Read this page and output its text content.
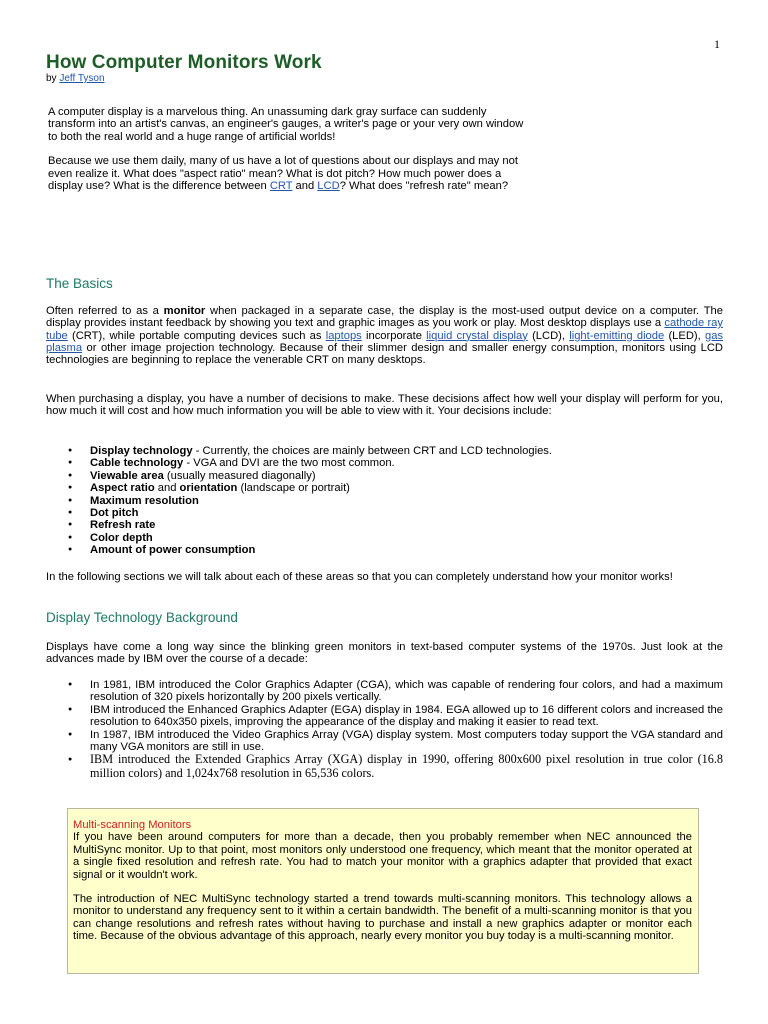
1
How Computer Monitors Work
by Jeff Tyson

A computer display is a marvelous thing. An unassuming dark gray surface can suddenly transform into an artist's canvas, an engineer's gauges, a writer's page or your very own window to both the real world and a huge range of artificial worlds!

Because we use them daily, many of us have a lot of questions about our displays and may not even realize it. What does "aspect ratio" mean? What is dot pitch? How much power does a display use? What is the difference between CRT and LCD? What does "refresh rate" mean?

The Basics

Often referred to as a monitor when packaged in a separate case, the display is the most-used output device on a computer. The display provides instant feedback by showing you text and graphic images as you work or play. Most desktop displays use a cathode ray tube (CRT), while portable computing devices such as laptops incorporate liquid crystal display (LCD), light-emitting diode (LED), gas plasma or other image projection technology. Because of their slimmer design and smaller energy consumption, monitors using LCD technologies are beginning to replace the venerable CRT on many desktops.

When purchasing a display, you have a number of decisions to make. These decisions affect how well your display will perform for you, how much it will cost and how much information you will be able to view with it. Your decisions include:

● Display technology - Currently, the choices are mainly between CRT and LCD technologies.
● Cable technology - VGA and DVI are the two most common.
● Viewable area (usually measured diagonally)
● Aspect ratio and orientation (landscape or portrait)
● Maximum resolution
● Dot pitch
● Refresh rate
● Color depth
● Amount of power consumption

In the following sections we will talk about each of these areas so that you can completely understand how your monitor works!

Display Technology Background

Displays have come a long way since the blinking green monitors in text-based computer systems of the 1970s. Just look at the advances made by IBM over the course of a decade:

● In 1981, IBM introduced the Color Graphics Adapter (CGA), which was capable of rendering four colors, and had a maximum resolution of 320 pixels horizontally by 200 pixels vertically.
● IBM introduced the Enhanced Graphics Adapter (EGA) display in 1984. EGA allowed up to 16 different colors and increased the resolution to 640x350 pixels, improving the appearance of the display and making it easier to read text.
● In 1987, IBM introduced the Video Graphics Array (VGA) display system. Most computers today support the VGA standard and many VGA monitors are still in use.
● IBM introduced the Extended Graphics Array (XGA) display in 1990, offering 800x600 pixel resolution in true color (16.8 million colors) and 1,024x768 resolution in 65,536 colors.
Multi-scanning Monitors

If you have been around computers for more than a decade, then you probably remember when NEC announced the MultiSync monitor. Up to that point, most monitors only understood one frequency, which meant that the monitor operated at a single fixed resolution and refresh rate. You had to match your monitor with a graphics adapter that provided that exact signal or it wouldn't work.

The introduction of NEC MultiSync technology started a trend towards multi-scanning monitors. This technology allows a monitor to understand any frequency sent to it within a certain bandwidth. The benefit of a multi-scanning monitor is that you can change resolutions and refresh rates without having to purchase and install a new graphics adapter or monitor each time. Because of the obvious advantage of this approach, nearly every monitor you buy today is a multi-scanning monitor.
